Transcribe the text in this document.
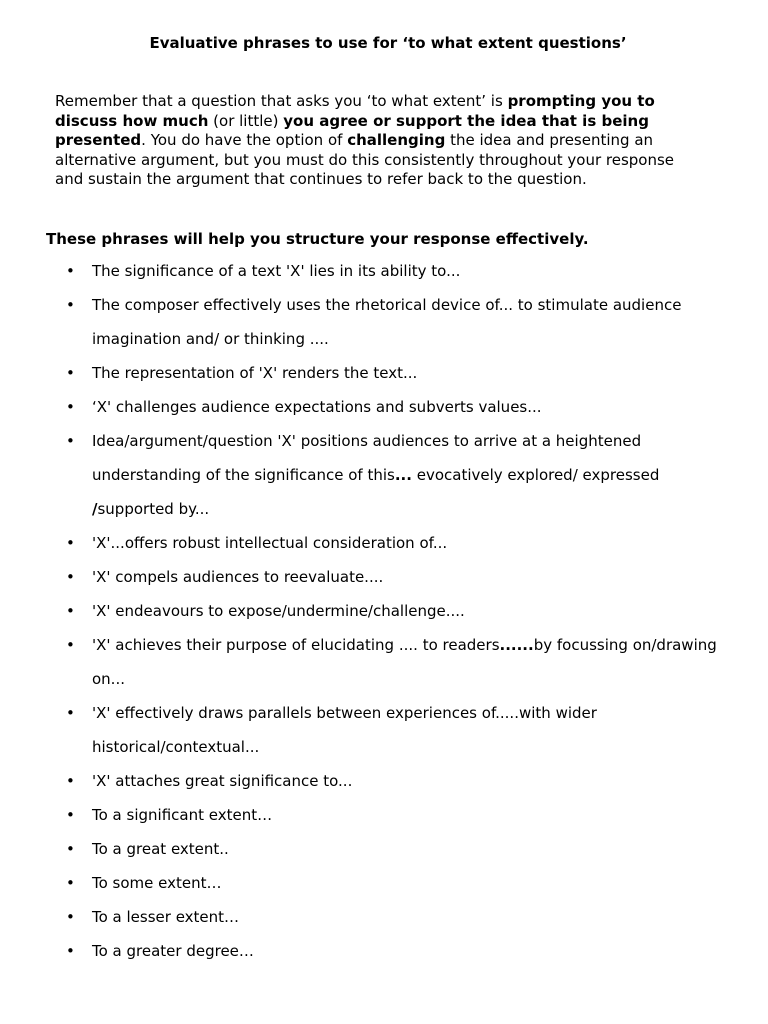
Evaluative phrases to use for ‘to what extent questions’
Remember that a question that asks you ‘to what extent’ is prompting you to discuss how much (or little) you agree or support the idea that is being presented. You do have the option of challenging the idea and presenting an alternative argument, but you must do this consistently throughout your response and sustain the argument that continues to refer back to the question.
These phrases will help you structure your response effectively.
• The significance of a text 'X' lies in its ability to...
• The composer effectively uses the rhetorical device of... to stimulate audience imagination and/ or thinking ....
• The representation of 'X' renders the text...
• ‘X' challenges audience expectations and subverts values...
• Idea/argument/question 'X' positions audiences to arrive at a heightened understanding of the significance of this... evocatively explored/ expressed /supported by...
• 'X'...offers robust intellectual consideration of...
• 'X' compels audiences to reevaluate....
• 'X' endeavours to expose/undermine/challenge....
• 'X' achieves their purpose of elucidating .... to readers......by focussing on/drawing on...
• 'X' effectively draws parallels between experiences of.....with wider historical/contextual...
• 'X' attaches great significance to...
• To a significant extent…
• To a great extent..
• To some extent…
• To a lesser extent…
• To a greater degree…
